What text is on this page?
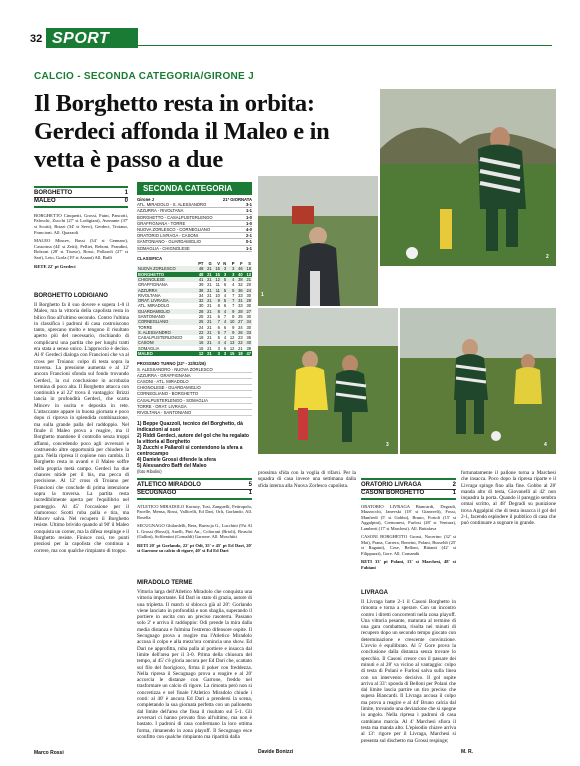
32 SPORT
CALCIO - SECONDA CATEGORIA/GIRONE J
Il Borghetto resta in orbita: Gerdeci affonda il Maleo e in vetta è passo a due
BORGHETTO	1
MALEO	0
BORGHETTO Cinquetti, Grossi, Faini, Pancotti, Paloschi, Zucchi (27' st Lodigiani), Avenante (37' st Scotti), Brizzi (34' st Sevo), Gerdeci, Troiano, Francioni. All. Quazzoli
MALEO Mincev, Bassi (34' st Gennaro), Castorina (44' st Zetti), Pelliet, Reboni, Prandini, Bolzoni (28' st Tixeur), Rossi, Pollaroli (27' st Sari), Leto, Gorla (19' st Assani) All. Baffi
RETE 22' pt Gerdeci
BORGHETTO LODIGIANO
Il Borghetto fa il suo dovere e supera 1-0 il Maleo, ma la vittoria della capolista resta in bilico fino all'ultimo secondo. Contro l'ultima in classifica i padroni di casa costruiscono tanto, sprecano molto e tengono il risultato aperto più del necessario, rischiando di complicarsi una partita che per lunghi tratti era stata a senso unico. L'approccio è deciso. Al 6' Gerdeci dialoga con Francioni che va al cross per Troiano: colpo di testa sopra la traversa. La pressione aumenta e al 12' ancora Francioni sfonda sul fondo trovando Gerdeci, la cui conclusione in acrobazia termina di poco alta. Il Borghetto attacca con continuità e al 22' trova il vantaggio: Brizzi lancia in profondità Gerdeci, che scarta Mincev in uscita e deposita in rete. L'attaccante appare in buona giornata e poco dopo ci riprova in splendida combinazione, ma sulla grande palla del raddoppio. Nel finale il Maleo prova a reagire, ma il Borghetto mantiene il controllo senza troppi affanni, concedendo poco agli avversari e costruendo altre opportunità per chiudere la gara. Nella ripresa il copione non cambia. Il Borghetto resta in avanti e il Maleo soffre nella propria metà campo. Gerdeci ha due chances nitide per il bis, ma pecca di precisione. Al 12' cross di Troiano per Francioni che conclude di prima intenzione sopra la traversa. La partita resta incredibilmente aperta per l'equilibrio nel punteggio. Al 45' l'occasione per il clamoroso: Scotti ruba palla e tira, ma Mincev salva. Nel recupero il Borghetto resiste. Ultimo brivido quando al 90' il Maleo conquista un corner, ma la difesa respinge e il Borghetto resiste. Finisce così, tre punti preziosi per la capolista che continua a correre, ma con qualche rimpianto di troppo.
Marco Rossi
SECONDA CATEGORIA
Girone J	21ª GIORNATA
ATL. MIRADOLO - S. ALESSANDRO	3-1
AZZURRA - RIVOLTANA	1-1
BORGHETTO - CASALPUSTERLENGO	1-0
GRAFFIGNANA - TORRE	1-0
NUOVA ZORLESCO - CORNEGLIANO	4-0
ORATORIO LIVRAGA - CASONI	2-1
SANTONIANO - GUARDAMIGLIO	0-1
SOMAGLIA - CHIGNOLESE	1-1
CLASSIFICA
	PT	G	V	N	P	F	S
NUOVA ZORLESCO	48	21	15	3	3	46	18
BORGHETTO	48	21	15	3	3	40	13
CHIGNOLESE	41	21	12	5	4	38	21
GRAFFIGNANA	39	21	11	6	4	32	20
AZZURRA	38	21	11	5	5	36	24
RIVOLTANA	34	21	10	4	7	33	30
ORAT. LIVRAGA	32	21	9	5	7	31	29
ATL. MIRADOLO	30	21	8	6	7	33	30
GUARDAMIGLIO	28	21	8	4	9	28	27
SANTONIANO	25	21	6	7	8	25	30
CORNEGLIANO	25	21	7	4	10	27	34
TORRE	24	21	6	6	9	24	30
S. ALESSANDRO	22	21	5	7	9	26	33
CASALPUSTERLENGO	19	21	5	4	12	23	36
CASONI	16	21	4	4	13	22	40
SOMAGLIA	15	21	3	6	12	21	39
MALEO	12	21	3	3	15	18	47
PROSSIMO TURNO (22ª - 22/02/26)
S. ALESSANDRO - NUOVA ZORLESCO
AZZURRA - GRAFFIGNANA
CASONI - ATL. MIRADOLO
CHIGNOLESE - GUARDAMIGLIO
CORNEGLIANO - BORGHETTO
CASALPUSTERLENGO - SOMAGLIA
TORRE - ORAT. LIVRAGA
RIVOLTANA - SANTONIANO
1) Beppe Quazzoli, tecnico del Borghetto, dà indicazioni ai suoi
2) Riddi Gerdeci, autore del gol che ha regalato la vittoria al Borghetto
3) Zucchi e Pallaroli si contendono la sfera a centrocampo
4) Daniele Grossi difende la sfera
5) Alessandro Baffi del Maleo
(foto Ribolini)
1
2
3	4
ATLETICO MIRADOLO	5
SECUGNAGO	1
ATLETICO MIRADOLO Korasiy, Tosi, Zanguellí, Fettropolo, Pacelle, Mensa, Rossi, Vallicelli, Ed Dari, Orli, Gorlando. All. Rosella
SECUGNAGO Ghilardelli, Bera, Burtscja G., Lucchini (9'st Al L Grossi (Rossi)), Anelli, Pini An., Coltorani (Brioli), Bruschi (Gallini), Soffientini (Cornaldi) Garrone. All. Moschitti
RETI 20' pt Gorlando, 22' pt Odi, 35' e 45' pt Ed Dari, 20' st Garrone su calcio di rigore, 40' st Ed Ed Dari
MIRADOLO TERME
Vittoria larga dell'Atletico Miradolo che conquista una vittoria importante. Ed Dari in stato di grazia, autore di una tripletta. Il match si sblocca già al 20': Gorlando viene lanciato in profondità e non sbaglia, superando il portiere in uscita con un preciso rasoterra. Passano solo 2' e arriva il raddoppio: Odi prende la mira dalla media distanza e fulmina l'estremo difensore ospite. Il Secugnago prova a reagire ma l'Atletico Miradolo accusa il colpo e alla mezz'ora comincia uno show. Ed Dari ne approfitta, ruba palla al portiere e insacca dal limite dell'area per il 3-0. Prima della chiusura del tempo, al 45' c'è gloria ancora per Ed Dari che, scattato sul filo del fuorigioco, firma il poker con freddezza. Nella ripresa il Secugnago prova a reagire e al 20' accorcia le distanze con Garrone, freddo nel trasformare un calcio di rigore. La rimonta però non si concretizza e nel finale l'Atletico Miradolo chiude i conti: al 40' è ancora Ed Dari a prendersi la scena, completando la sua giornata perfetta con un pallonetto dal limite dell'area che fissa il risultato sul 5-1. Gli avversari ci hanno provato fino all'ultimo, ma non è bastato. I padroni di casa confermano la loro ottima forma, rimanendo in zona playoff. Il Secugnago esce sconfitto con qualche rimpianto ma ripartirà dalla
prossima sfida con la voglia di rifarsi. Per la squadra di casa invece una settimana dalla sfida interna alla Nuova Zorlesco capolista.
Davide Bonizzi
ORATORIO LIVRAGA	2
CASONI BORGHETTO	1
ORATORIO LIVRAGA Biancardi, Degradi, Mazzocchi, Janevski (18' st Gianvreli), Fossi, Manfredi (5' st Gobbo), Bruno, Fortoli (15' st Aggalpini), Cremonesi, Furlosi (28' st Ventura), Lamberti (17' st Marchesi). All. Buttafava
CASONI BORGHETTO Grossi, Nocerino (32' st Mai), Prana, Carrera, Bonvini, Polani, Busseldi (25' st Ragaini), Cose, Belloni, Bittanti (42' st Filippazzi), Gore. All. Comandù
RETI 33' pt Polani, 13' st Marchesi, 48' st Fabiani
LIVRAGA
Il Livraga batte 2-1 il Casoni Borghetto in rimonta e torna a sperare. Con un incontro contro i diretti concorrenti nella zona playoff. Una vittoria pesante, maturata al termine di una gara combattuta, risolta nei minuti di recupero dopo un secondo tempo giocato con determinazione e crescente convinzione. L'avvio è equilibrato. Al 5' Gore prova la conclusione dalla distanza senza trovare lo specchio. Il Casoni cresce con il passare dei minuti e al 28' va vicino al vantaggio: colpo di testa di Polani e Furlosi salva sulla linea con un intervento decisivo. Il gol ospite arriva al 33': sponda di Belloni per Polani che dal limite lascia partire un tiro preciso che supera Biancardi. Il Livraga accusa il colpo ma prova a reagire e al 44' Bruno calcia dal limite, trovando una deviazione che si spegne in angolo. Nella ripresa i padroni di casa cambiano marcia. Al 4' Marchesi sfiora il testa ma manda alto. L'episodio chiave arriva al 13': rigore per il Livraga, Marchesi si presenta sul dischetto ma Grossi respinge;
fortunatamente il pallone torna a Marchesi che insacca. Poco dopo la ripresa riparte e il Livraga spinge fino alla fine. Gobbo al 28' manda alto di testa, Giovanelli al 42' non inquadra la porta. Quando il pareggio sembra ormai scritto, al 48' Degradi su punizione trova Aggalpini che di testa insacca il gol del 2-1, facendo esplodere il pubblico di casa che può continuare a sognare in grande.
M. R.
